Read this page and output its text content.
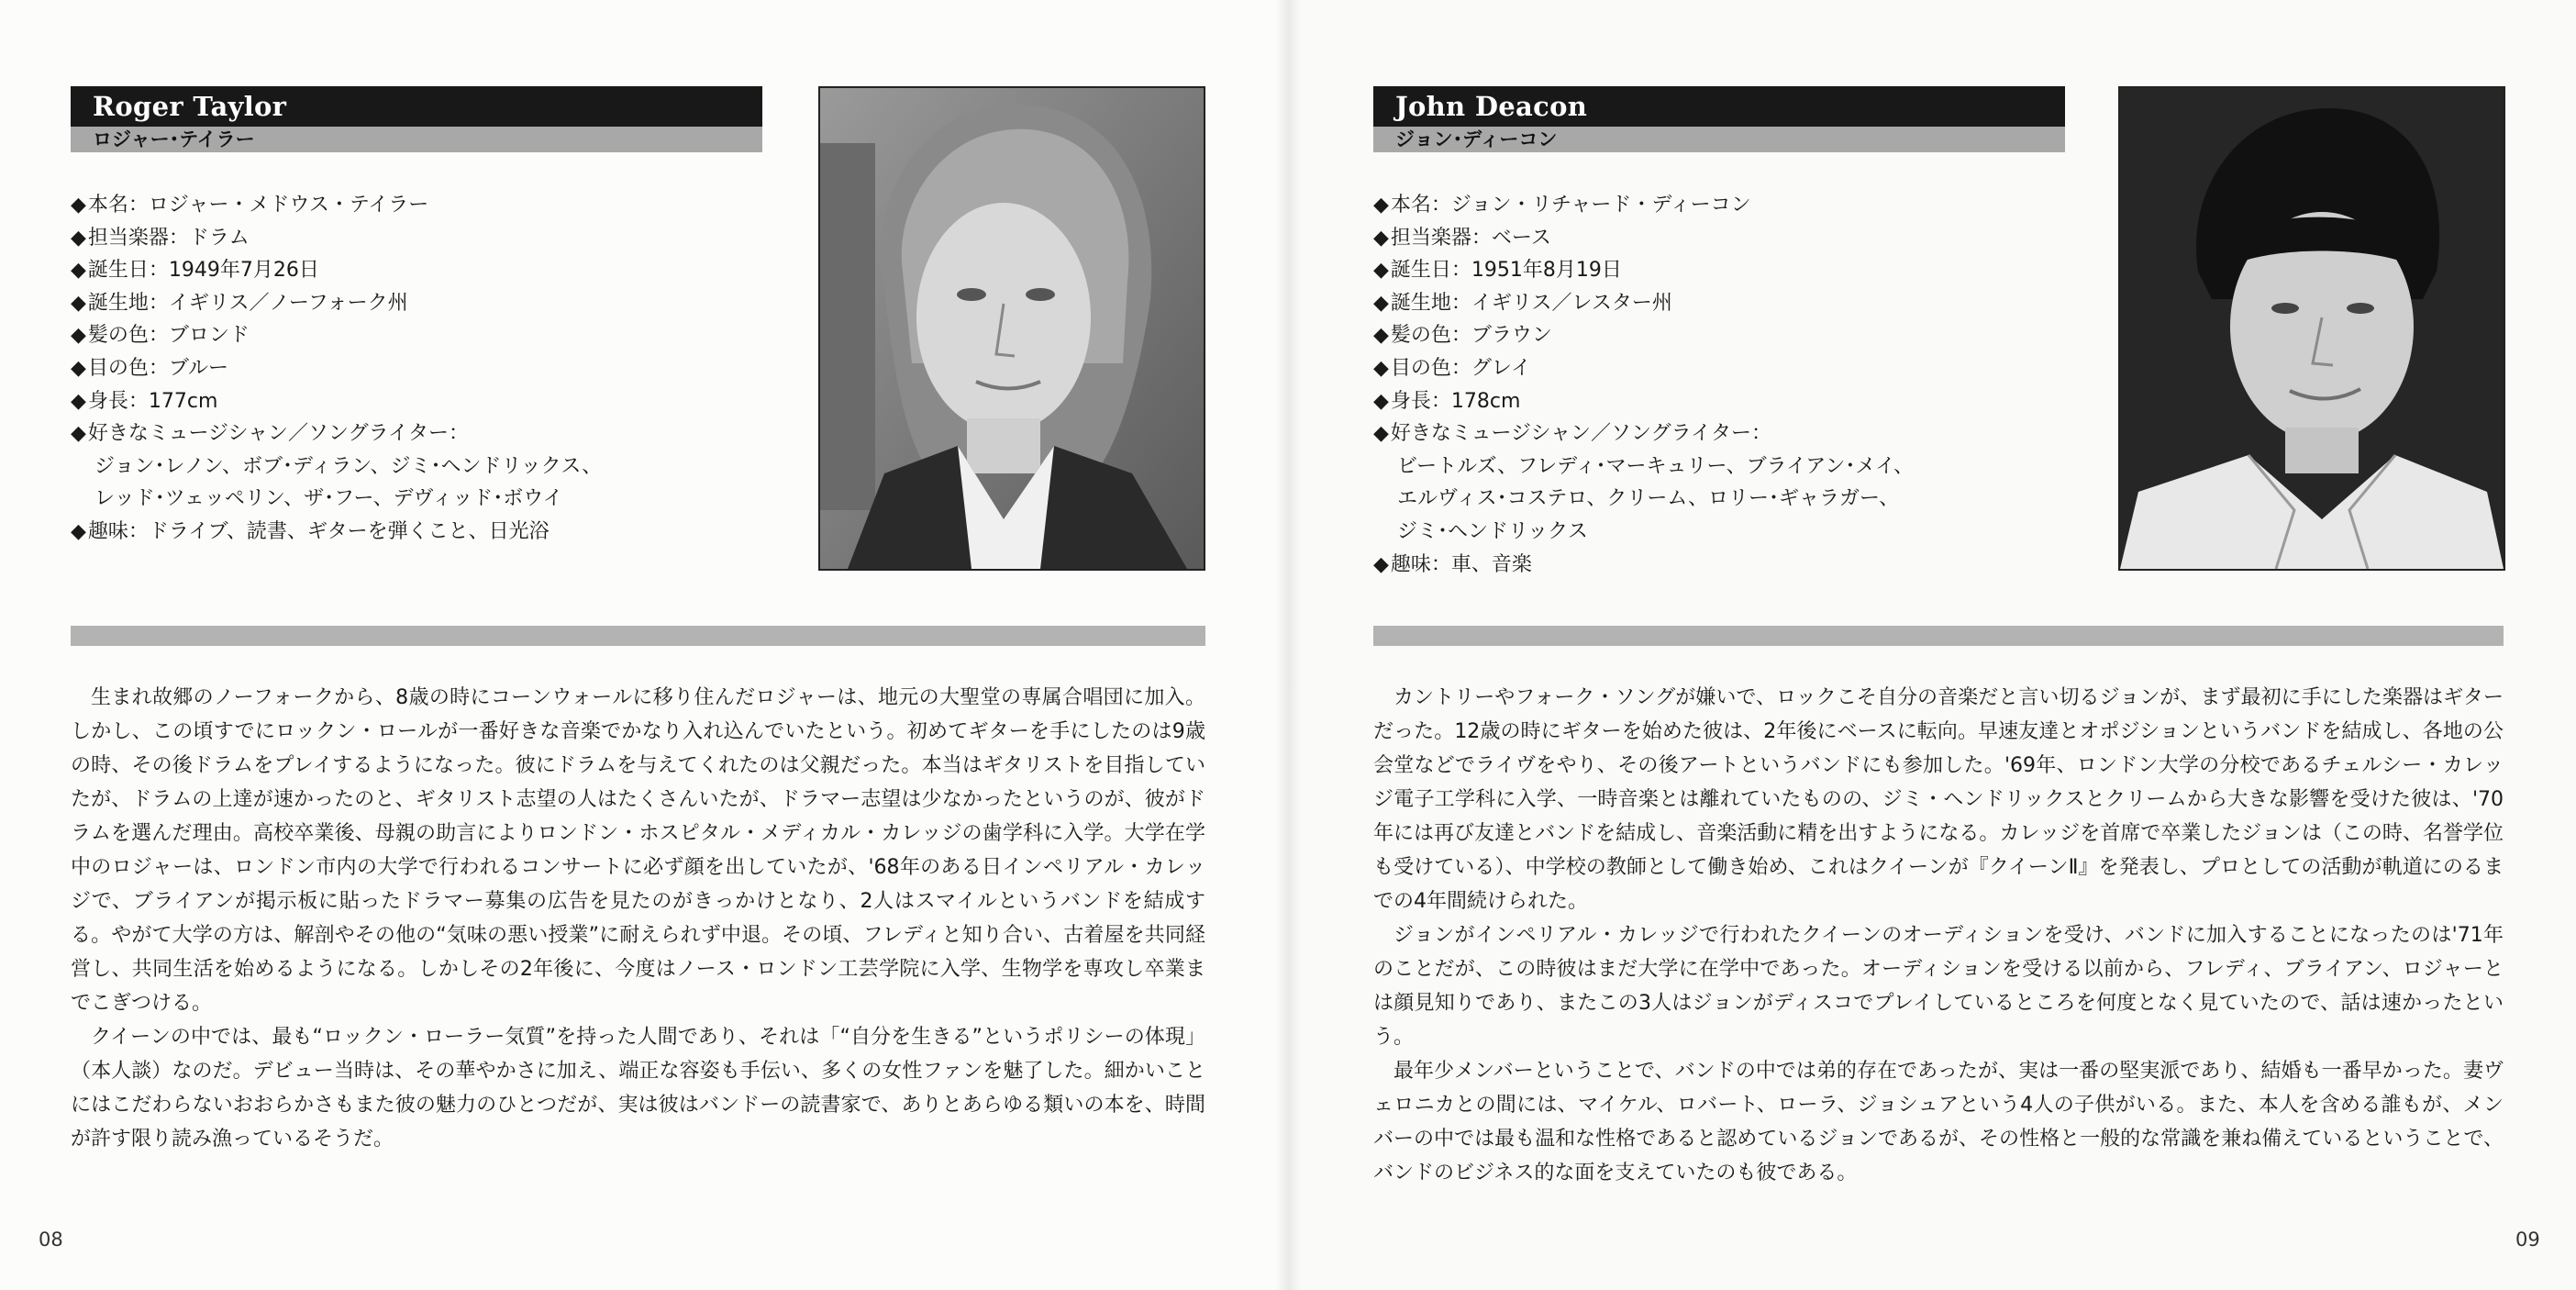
Roger Taylor
ロジャー･テイラー
◆本名：ロジャー・メドウス・テイラー
◆担当楽器：ドラム
◆誕生日：1949年7月26日
◆誕生地：イギリス／ノーフォーク州
◆髪の色：ブロンド
◆目の色：ブルー
◆身長：177cm
◆好きなミュージシャン／ソングライター：
ジョン･レノン、ボブ･ディラン、ジミ･ヘンドリックス、
レッド･ツェッペリン、ザ･フー、デヴィッド･ボウイ
◆趣味：ドライブ、読書、ギターを弾くこと、日光浴

生まれ故郷のノーフォークから、8歳の時にコーンウォールに移り住んだロジャーは、地元の大聖堂の専属合唱団に加入。しかし、この頃すでにロックン・ロールが一番好きな音楽でかなり入れ込んでいたという。初めてギターを手にしたのは9歳の時、その後ドラムをプレイするようになった。彼にドラムを与えてくれたのは父親だった。本当はギタリストを目指していたが、ドラムの上達が速かったのと、ギタリスト志望の人はたくさんいたが、ドラマー志望は少なかったというのが、彼がドラムを選んだ理由。高校卒業後、母親の助言によりロンドン・ホスピタル・メディカル・カレッジの歯学科に入学。大学在学中のロジャーは、ロンドン市内の大学で行われるコンサートに必ず顔を出していたが、'68年のある日インペリアル・カレッジで、ブライアンが掲示板に貼ったドラマー募集の広告を見たのがきっかけとなり、2人はスマイルというバンドを結成する。やがて大学の方は、解剖やその他の“気味の悪い授業”に耐えられず中退。その頃、フレディと知り合い、古着屋を共同経営し、共同生活を始めるようになる。しかしその2年後に、今度はノース・ロンドン工芸学院に入学、生物学を専攻し卒業までこぎつける。

クイーンの中では、最も“ロックン・ローラー気質”を持った人間であり、それは「“自分を生きる”というポリシーの体現」（本人談）なのだ。デビュー当時は、その華やかさに加え、端正な容姿も手伝い、多くの女性ファンを魅了した。細かいことにはこだわらないおおらかさもまた彼の魅力のひとつだが、実は彼はバンドーの読書家で、ありとあらゆる類いの本を、時間が許す限り読み漁っているそうだ。

08
John Deacon
ジョン･ディーコン
◆本名：ジョン・リチャード・ディーコン
◆担当楽器：ベース
◆誕生日：1951年8月19日
◆誕生地：イギリス／レスター州
◆髪の色：ブラウン
◆目の色：グレイ
◆身長：178cm
◆好きなミュージシャン／ソングライター：
ビートルズ、フレディ･マーキュリー、ブライアン･メイ、
エルヴィス･コステロ、クリーム、ロリー･ギャラガー、
ジミ･ヘンドリックス
◆趣味：車、音楽

カントリーやフォーク・ソングが嫌いで、ロックこそ自分の音楽だと言い切るジョンが、まず最初に手にした楽器はギターだった。12歳の時にギターを始めた彼は、2年後にベースに転向。早速友達とオポジションというバンドを結成し、各地の公会堂などでライヴをやり、その後アートというバンドにも参加した。'69年、ロンドン大学の分校であるチェルシー・カレッジ電子工学科に入学、一時音楽とは離れていたものの、ジミ・ヘンドリックスとクリームから大きな影響を受けた彼は、'70年には再び友達とバンドを結成し、音楽活動に精を出すようになる。カレッジを首席で卒業したジョンは（この時、名誉学位も受けている）、中学校の教師として働き始め、これはクイーンが『クイーンⅡ』を発表し、プロとしての活動が軌道にのるまでの4年間続けられた。

ジョンがインペリアル・カレッジで行われたクイーンのオーディションを受け、バンドに加入することになったのは'71年のことだが、この時彼はまだ大学に在学中であった。オーディションを受ける以前から、フレディ、ブライアン、ロジャーとは顔見知りであり、またこの3人はジョンがディスコでプレイしているところを何度となく見ていたので、話は速かったという。

最年少メンバーということで、バンドの中では弟的存在であったが、実は一番の堅実派であり、結婚も一番早かった。妻ヴェロニカとの間には、マイケル、ロバート、ローラ、ジョシュアという4人の子供がいる。また、本人を含める誰もが、メンバーの中では最も温和な性格であると認めているジョンであるが、その性格と一般的な常識を兼ね備えているということで、バンドのビジネス的な面を支えていたのも彼である。

09
